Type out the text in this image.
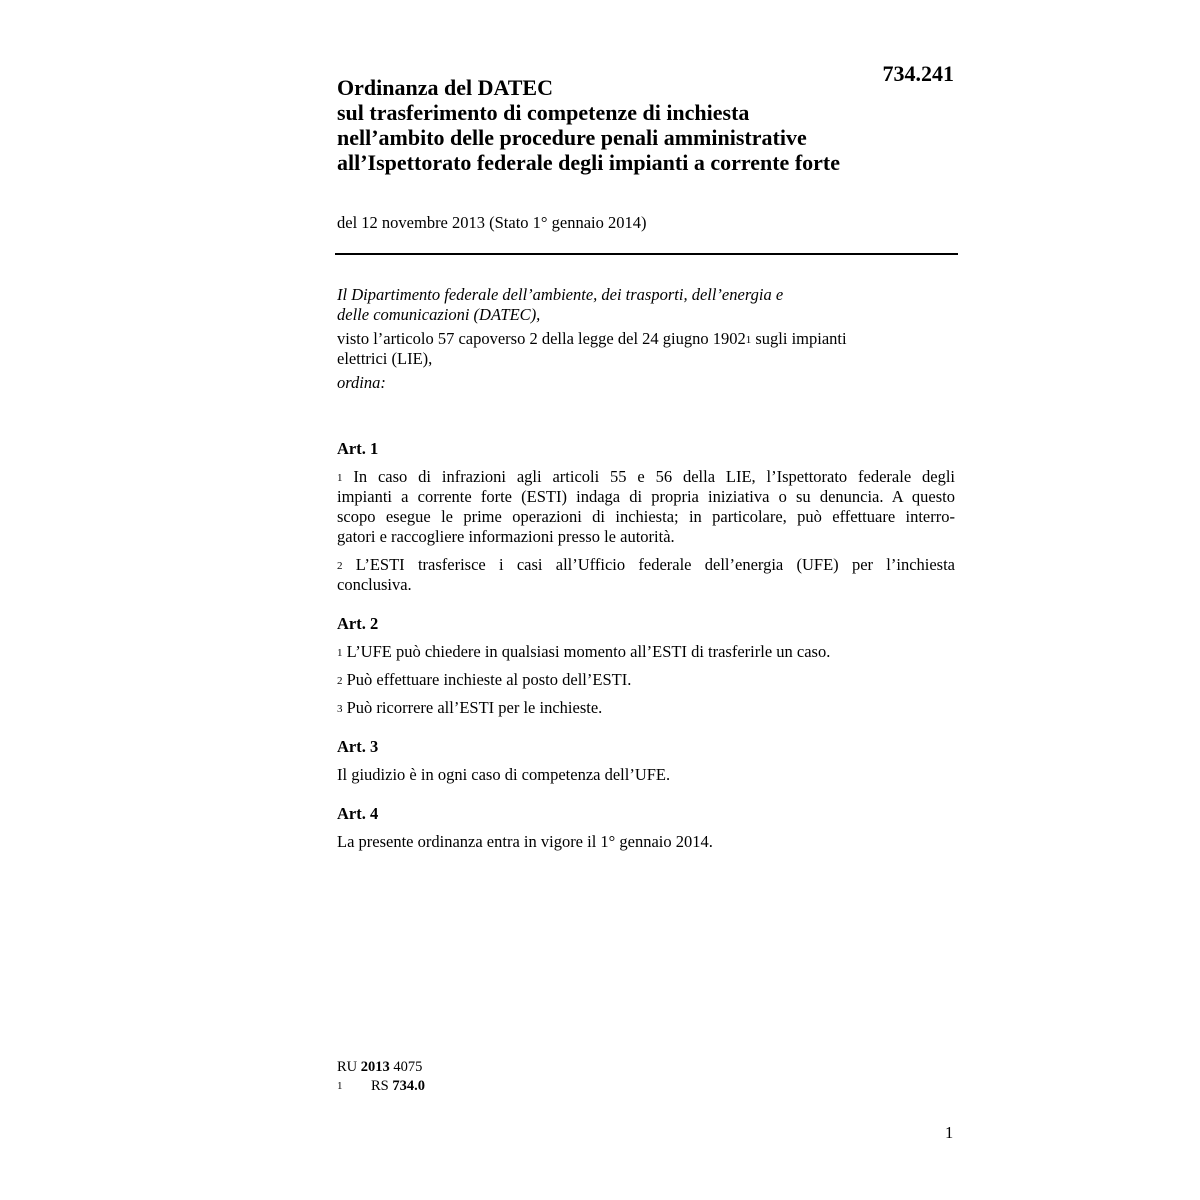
734.241
Ordinanza del DATEC
sul trasferimento di competenze di inchiesta
nell’ambito delle procedure penali amministrative
all’Ispettorato federale degli impianti a corrente forte
del 12 novembre 2013 (Stato 1° gennaio 2014)
Il Dipartimento federale dell’ambiente, dei trasporti, dell’energia e
delle comunicazioni (DATEC),
visto l’articolo 57 capoverso 2 della legge del 24 giugno 1902$^1$ sugli impianti
elettrici (LIE),
ordina:
Art. 1
$^1$ In caso di infrazioni agli articoli 55 e 56 della LIE, l’Ispettorato federale degli
impianti a corrente forte (ESTI) indaga di propria iniziativa o su denuncia. A questo
scopo esegue le prime operazioni di inchiesta; in particolare, può effettuare interro-
gatori e raccogliere informazioni presso le autorità.
$^2$ L’ESTI trasferisce i casi all’Ufficio federale dell’energia (UFE) per l’inchiesta
conclusiva.
Art. 2
$^1$ L’UFE può chiedere in qualsiasi momento all’ESTI di trasferirle un caso.
$^2$ Può effettuare inchieste al posto dell’ESTI.
$^3$ Può ricorrere all’ESTI per le inchieste.
Art. 3
Il giudizio è in ogni caso di competenza dell’UFE.
Art. 4
La presente ordinanza entra in vigore il 1° gennaio 2014.
RU 2013 4075
1 RS 734.0
1
